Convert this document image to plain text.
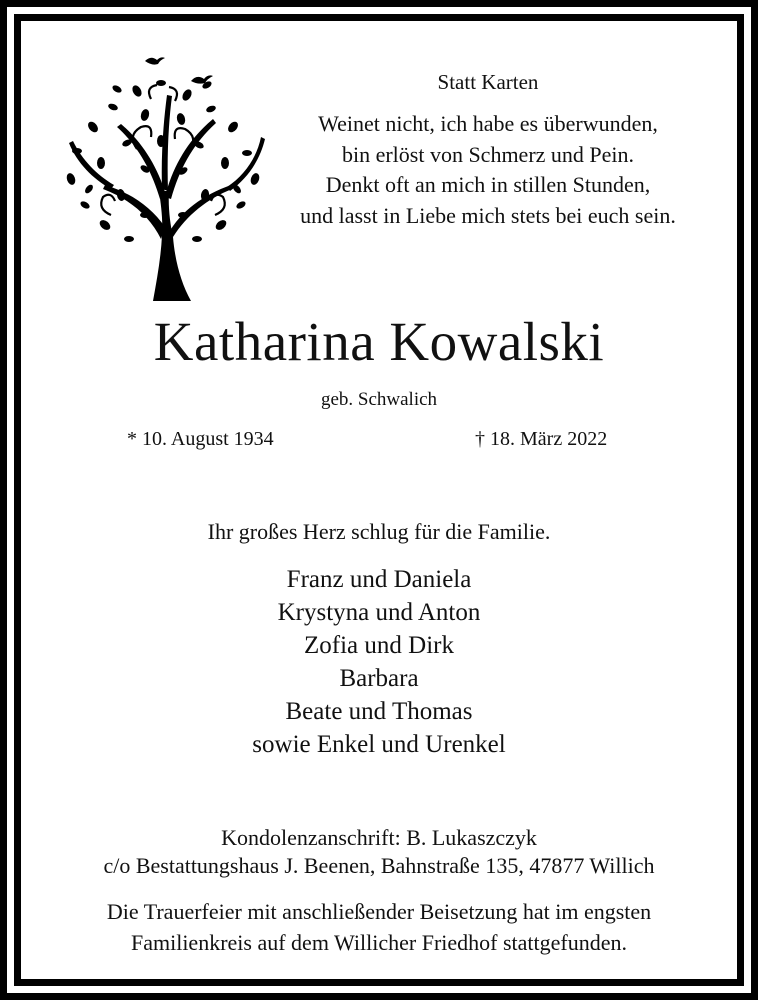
Statt Karten
Weinet nicht, ich habe es überwunden,
bin erlöst von Schmerz und Pein.
Denkt oft an mich in stillen Stunden,
und lasst in Liebe mich stets bei euch sein.
Katharina Kowalski
geb. Schwalich
* 10. August 1934	† 18. März 2022
Ihr großes Herz schlug für die Familie.
Franz und Daniela
Krystyna und Anton
Zofia und Dirk
Barbara
Beate und Thomas
sowie Enkel und Urenkel
Kondolenzanschrift: B. Lukaszczyk
c/o Bestattungshaus J. Beenen, Bahnstraße 135, 47877 Willich
Die Trauerfeier mit anschließender Beisetzung hat im engsten
Familienkreis auf dem Willicher Friedhof stattgefunden.
